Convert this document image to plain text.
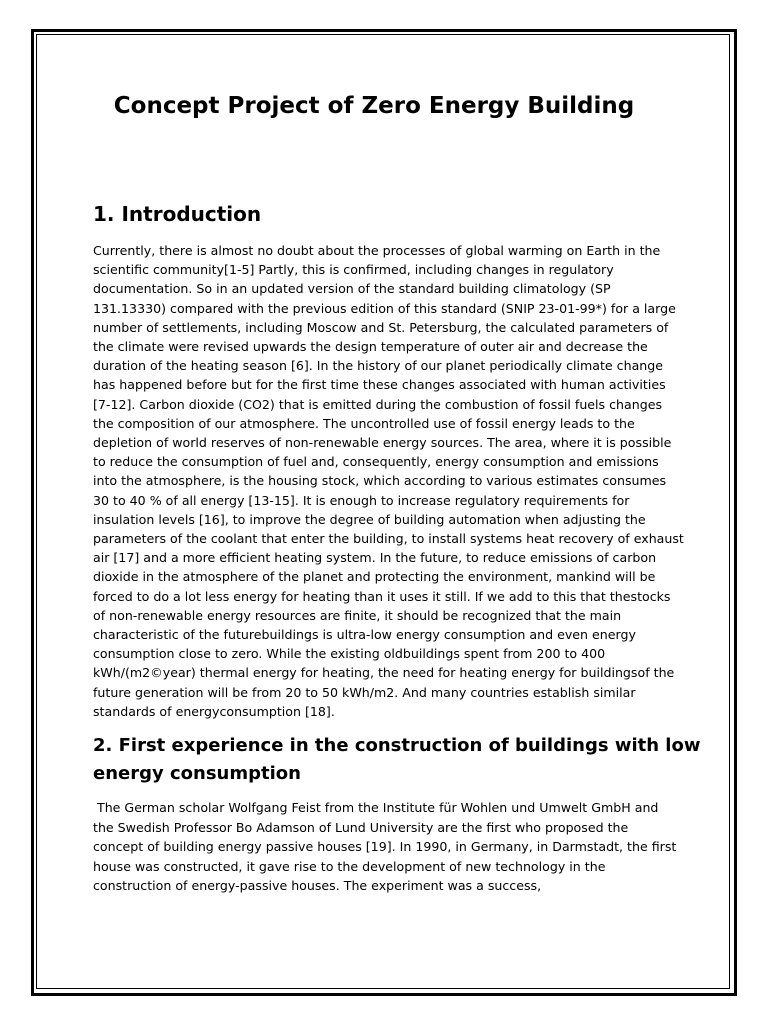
Concept Project of Zero Energy Building
1. Introduction

Currently, there is almost no doubt about the processes of global warming on Earth in the
scientific community[1-5] Partly, this is confirmed, including changes in regulatory
documentation. So in an updated version of the standard building climatology (SP
131.13330) compared with the previous edition of this standard (SNIP 23-01-99*) for a large
number of settlements, including Moscow and St. Petersburg, the calculated parameters of
the climate were revised upwards the design temperature of outer air and decrease the
duration of the heating season [6]. In the history of our planet periodically climate change
has happened before but for the first time these changes associated with human activities
[7-12]. Carbon dioxide (CO2) that is emitted during the combustion of fossil fuels changes
the composition of our atmosphere. The uncontrolled use of fossil energy leads to the
depletion of world reserves of non-renewable energy sources. The area, where it is possible
to reduce the consumption of fuel and, consequently, energy consumption and emissions
into the atmosphere, is the housing stock, which according to various estimates consumes
30 to 40 % of all energy [13-15]. It is enough to increase regulatory requirements for
insulation levels [16], to improve the degree of building automation when adjusting the
parameters of the coolant that enter the building, to install systems heat recovery of exhaust
air [17] and a more efficient heating system. In the future, to reduce emissions of carbon
dioxide in the atmosphere of the planet and protecting the environment, mankind will be
forced to do a lot less energy for heating than it uses it still. If we add to this that thestocks
of non-renewable energy resources are finite, it should be recognized that the main
characteristic of the futurebuildings is ultra-low energy consumption and even energy
consumption close to zero. While the existing oldbuildings spent from 200 to 400
kWh/(m2©year) thermal energy for heating, the need for heating energy for buildingsof the
future generation will be from 20 to 50 kWh/m2. And many countries establish similar
standards of energyconsumption [18].

2. First experience in the construction of buildings with low
energy consumption

The German scholar Wolfgang Feist from the Institute für Wohlen und Umwelt GmbH and
the Swedish Professor Bo Adamson of Lund University are the first who proposed the
concept of building energy passive houses [19]. In 1990, in Germany, in Darmstadt, the first
house was constructed, it gave rise to the development of new technology in the
construction of energy-passive houses. The experiment was a success,
